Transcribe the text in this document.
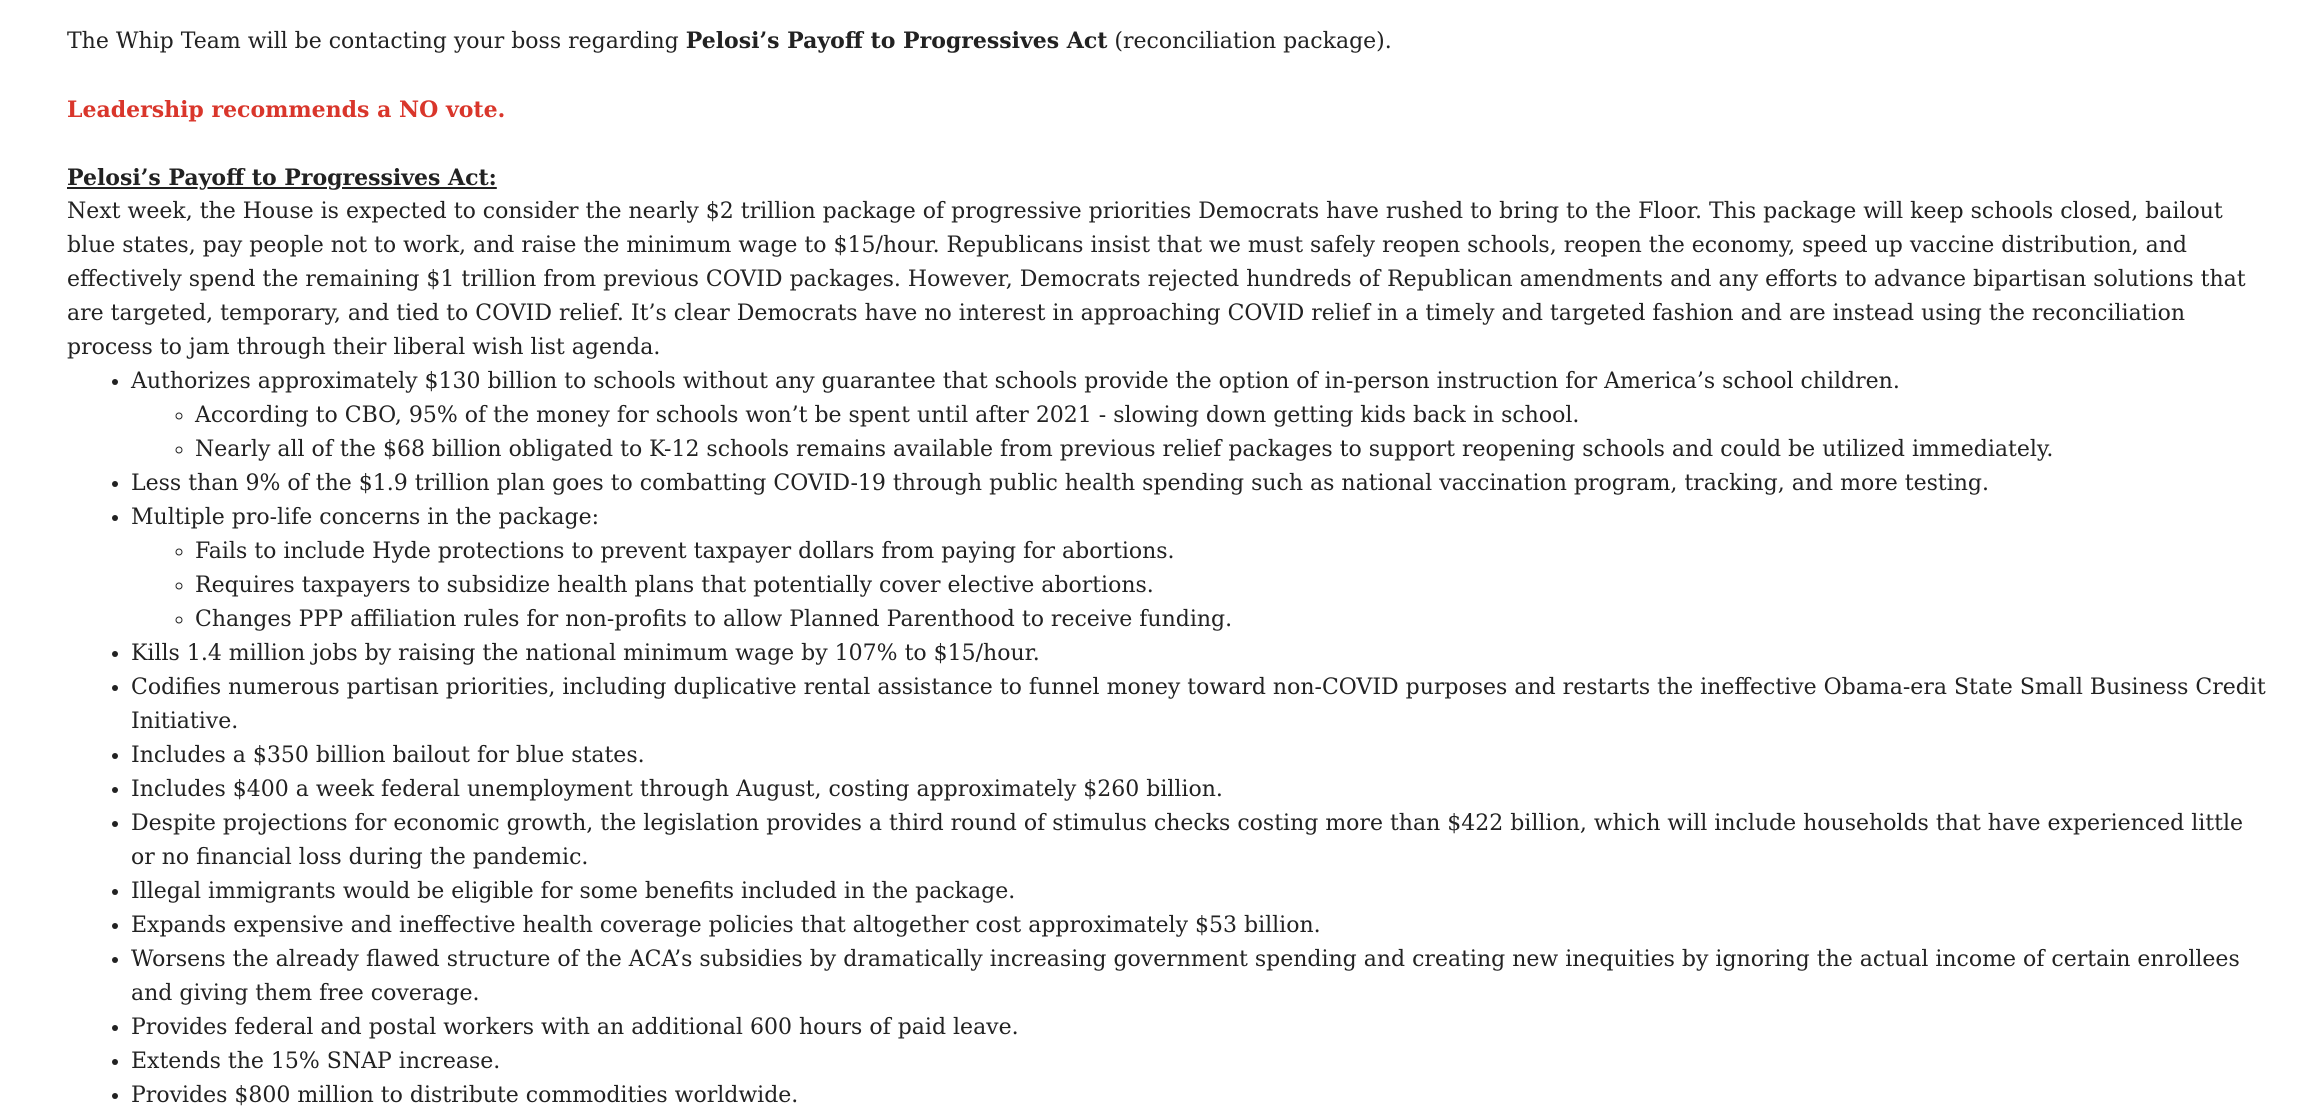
The Whip Team will be contacting your boss regarding Pelosi’s Payoff to Progressives Act (reconciliation package).

Leadership recommends a NO vote.

Pelosi’s Payoff to Progressives Act:

Next week, the House is expected to consider the nearly $2 trillion package of progressive priorities Democrats have rushed to bring to the Floor. This package will keep schools closed, bailout blue states, pay people not to work, and raise the minimum wage to $15/hour. Republicans insist that we must safely reopen schools, reopen the economy, speed up vaccine distribution, and effectively spend the remaining $1 trillion from previous COVID packages. However, Democrats rejected hundreds of Republican amendments and any efforts to advance bipartisan solutions that are targeted, temporary, and tied to COVID relief. It’s clear Democrats have no interest in approaching COVID relief in a timely and targeted fashion and are instead using the reconciliation process to jam through their liberal wish list agenda.

• Authorizes approximately $130 billion to schools without any guarantee that schools provide the option of in-person instruction for America’s school children.
◦ According to CBO, 95% of the money for schools won’t be spent until after 2021 - slowing down getting kids back in school.
◦ Nearly all of the $68 billion obligated to K-12 schools remains available from previous relief packages to support reopening schools and could be utilized immediately.
• Less than 9% of the $1.9 trillion plan goes to combatting COVID-19 through public health spending such as national vaccination program, tracking, and more testing.
• Multiple pro-life concerns in the package:
◦ Fails to include Hyde protections to prevent taxpayer dollars from paying for abortions.
◦ Requires taxpayers to subsidize health plans that potentially cover elective abortions.
◦ Changes PPP affiliation rules for non-profits to allow Planned Parenthood to receive funding.
• Kills 1.4 million jobs by raising the national minimum wage by 107% to $15/hour.
• Codifies numerous partisan priorities, including duplicative rental assistance to funnel money toward non-COVID purposes and restarts the ineffective Obama-era State Small Business Credit Initiative.
• Includes a $350 billion bailout for blue states.
• Includes $400 a week federal unemployment through August, costing approximately $260 billion.
• Despite projections for economic growth, the legislation provides a third round of stimulus checks costing more than $422 billion, which will include households that have experienced little or no financial loss during the pandemic.
• Illegal immigrants would be eligible for some benefits included in the package.
• Expands expensive and ineffective health coverage policies that altogether cost approximately $53 billion.
• Worsens the already flawed structure of the ACA’s subsidies by dramatically increasing government spending and creating new inequities by ignoring the actual income of certain enrollees and giving them free coverage.
• Provides federal and postal workers with an additional 600 hours of paid leave.
• Extends the 15% SNAP increase.
• Provides $800 million to distribute commodities worldwide.
